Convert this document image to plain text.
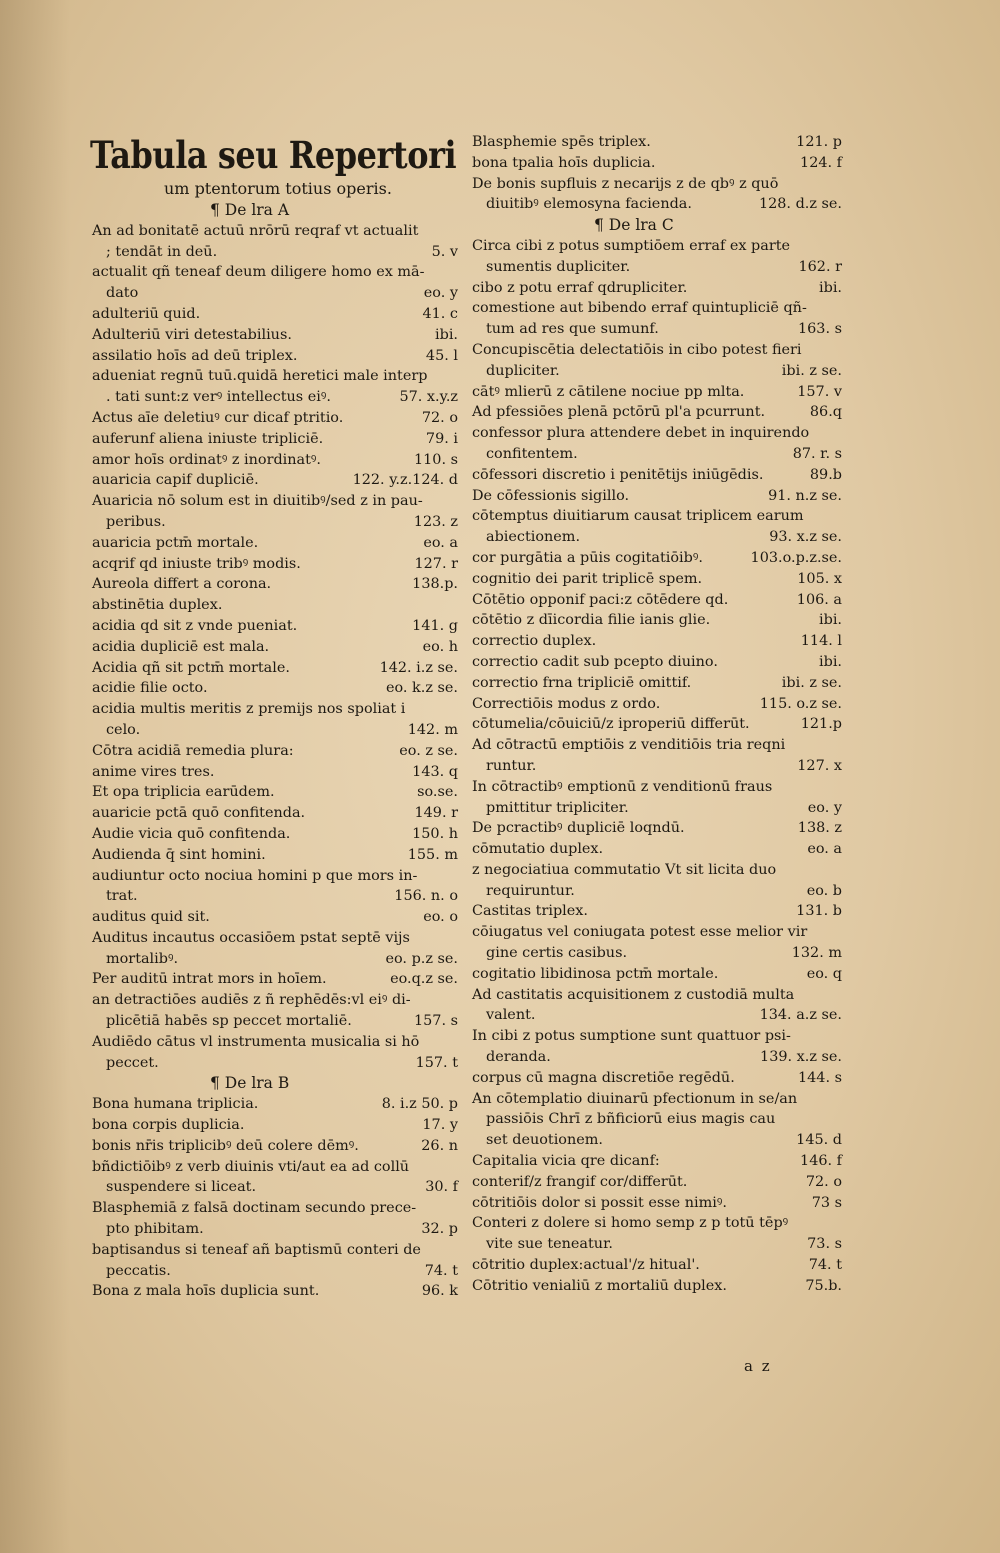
Tabula seu Repertori
um ptentorum totius operis.
¶ De lra A
An ad bonitatē actuū nrōrū reqraf vt actualit
; tendāt in deū.	5. v
actualit qñ teneaf deum diligere homo ex mā-
dato	eo. y
adulteriū quid.	41. c
Adulteriū viri detestabilius.	ibi.
assilatio hoīs ad deū triplex.	45. l
adueniat regnū tuū.quidā heretici male interp
. tati sunt:z verꝰ intellectus eiꝰ.	57. x.y.z
Actus aīe deletiuꝰ cur dicaf ptritio.	72. o
auferunf aliena iniuste tripliciē.	79. i
amor hoīs ordinatꝰ z inordinatꝰ.	110. s
auaricia capif dupliciē.	122. y.z.124. d
Auaricia nō solum est in diuitibꝰ/sed z in pau-
peribus.	123. z
auaricia pctm̄ mortale.	eo. a
acqrif qd iniuste tribꝰ modis.	127. r
Aureola differt a corona.	138.p.
abstinētia duplex.
acidia qd sit z vnde pueniat.	141. g
acidia dupliciē est mala.	eo. h
Acidia qñ sit pctm̄ mortale.	142. i.z se.
acidie filie octo.	eo. k.z se.
acidia multis meritis z premijs nos spoliat i
celo.	142. m
Cōtra acidiā remedia plura:	eo. z se.
anime vires tres.	143. q
Et opa triplicia earūdem.	so.se.
auaricie pctā quō confitenda.	149. r
Audie vicia quō confitenda.	150. h
Audienda q̄ sint homini.	155. m
audiuntur octo nociua homini p que mors in-
trat.	156. n. o
auditus quid sit.	eo. o
Auditus incautus occasiōem pstat septē vijs
mortalibꝰ.	eo. p.z se.
Per auditū intrat mors in hoīem.	eo.q.z se.
an detractiōes audiēs z ñ rephēdēs:vl eiꝰ di-
plicētiā habēs sp peccet mortaliē.	157. s
Audiēdo cātus vl instrumenta musicalia si hō
peccet.	157. t
¶ De lra B
Bona humana triplicia.	8. i.z 50. p
bona corpis duplicia.	17. y
bonis nr̄is triplicibꝰ deū colere dēmꝰ.	26. n
bñdictiōibꝰ z verb diuinis vti/aut ea ad collū
suspendere si liceat.	30. f
Blasphemiā z falsā doctinam secundo prece-
pto phibitam.	32. p
baptisandus si teneaf añ baptismū conteri de
peccatis.	74. t
Bona z mala hoīs duplicia sunt.	96. k
Blasphemie spēs triplex.	121. p
bona tpalia hoīs duplicia.	124. f
De bonis supfluis z necarijs z de qbꝰ z quō
diuitibꝰ elemosyna facienda.	128. d.z se.
¶ De lra C
Circa cibi z potus sumptiōem erraf ex parte
sumentis dupliciter.	162. r
cibo z potu erraf qdrupliciter.	ibi.
comestione aut bibendo erraf quintupliciē qñ-
tum ad res que sumunf.	163. s
Concupiscētia delectatiōis in cibo potest fieri
dupliciter.	ibi. z se.
cātꝰ mlierū z cātilene nociue pp mlta.	157. v
Ad pfessiōes plenā pctōrū pl'a pcurrunt.	86.q
confessor plura attendere debet in inquirendo
confitentem.	87. r. s
cōfessori discretio i penitētijs iniūgēdis.	89.b
De cōfessionis sigillo.	91. n.z se.
cōtemptus diuitiarum causat triplicem earum
abiectionem.	93. x.z se.
cor purgātia a pūis cogitatiōibꝰ.	103.o.p.z.se.
cognitio dei parit triplicē spem.	105. x
Cōtētio opponif paci:z cōtēdere qd.	106. a
cōtētio z dīicordia filie ianis glie.	ibi.
correctio duplex.	114. l
correctio cadit sub pcepto diuino.	ibi.
correctio frna tripliciē omittif.	ibi. z se.
Correctiōis modus z ordo.	115. o.z se.
cōtumelia/cōuiciū/z iproperiū differūt.	121.p
Ad cōtractū emptiōis z venditiōis tria reqni
runtur.	127. x
In cōtractibꝰ emptionū z venditionū fraus
pmittitur tripliciter.	eo. y
De pcractibꝰ dupliciē loqndū.	138. z
cōmutatio duplex.	eo. a
z negociatiua commutatio Vt sit licita duo
requiruntur.	eo. b
Castitas triplex.	131. b
cōiugatus vel coniugata potest esse melior vir
gine certis casibus.	132. m
cogitatio libidinosa pctm̄ mortale.	eo. q
Ad castitatis acquisitionem z custodiā multa
valent.	134. a.z se.
In cibi z potus sumptione sunt quattuor psi-
deranda.	139. x.z se.
corpus cū magna discretiōe regēdū.	144. s
An cōtemplatio diuinarū pfectionum in se/an
passiōis Chrī z bñficiorū eius magis cau
set deuotionem.	145. d
Capitalia vicia qre dicanf:	146. f
conterif/z frangif cor/differūt.	72. o
cōtritiōis dolor si possit esse nimiꝰ.	73 s
Conteri z dolere si homo semp z p totū tēpꝰ
vite sue teneatur.	73. s
cōtritio duplex:actual'/z hitual'.	74. t
Cōtritio venialiū z mortaliū duplex.	75.b.
a z
